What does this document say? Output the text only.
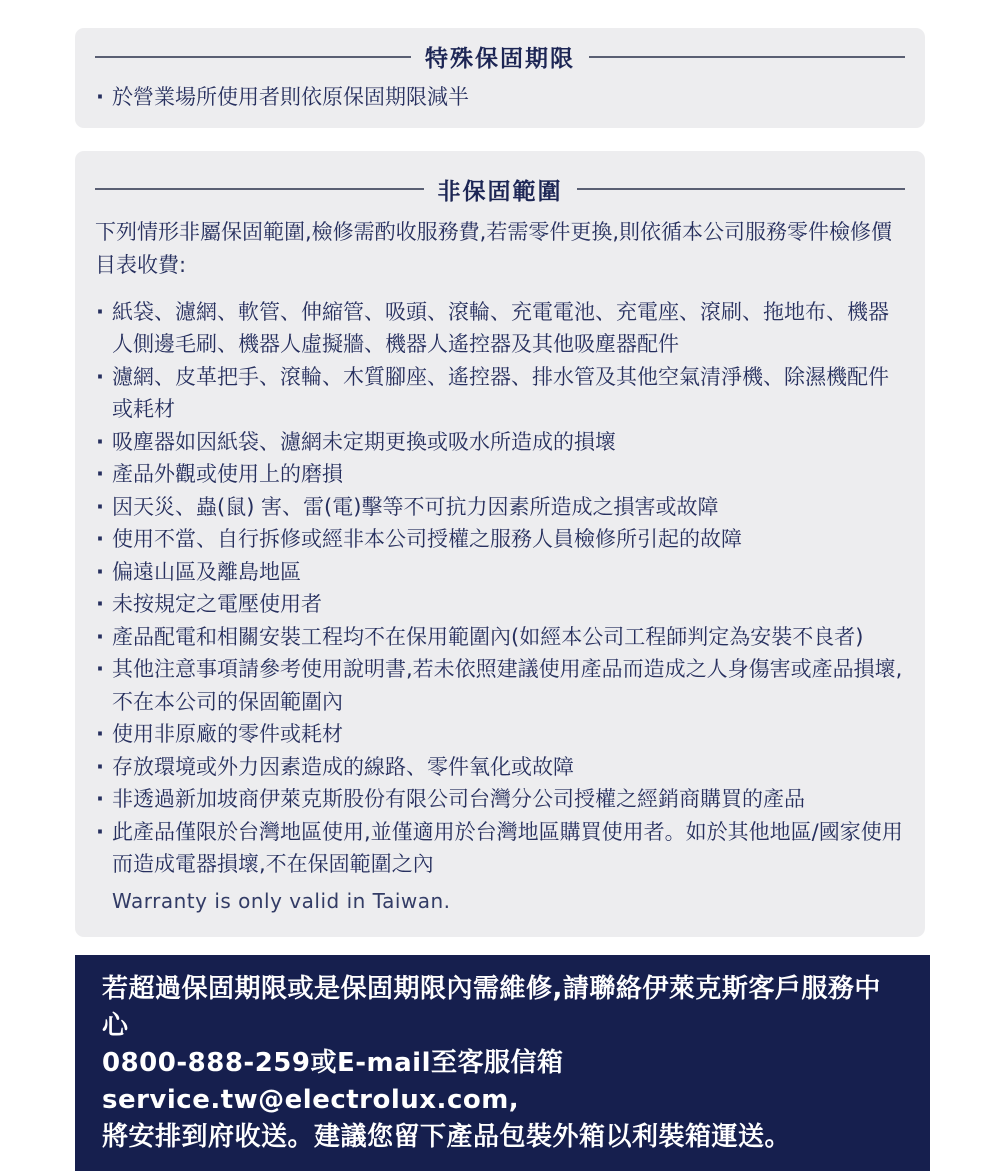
特殊保固期限
· 於營業場所使用者則依原保固期限減半
非保固範圍

下列情形非屬保固範圍,檢修需酌收服務費,若需零件更換,則依循本公司服務零件檢修價目表收費:

· 紙袋、濾網、軟管、伸縮管、吸頭、滾輪、充電電池、充電座、滾刷、拖地布、機器人側邊毛刷、機器人虛擬牆、機器人遙控器及其他吸塵器配件
· 濾網、皮革把手、滾輪、木質腳座、遙控器、排水管及其他空氣清淨機、除濕機配件或耗材
· 吸塵器如因紙袋、濾網未定期更換或吸水所造成的損壞
· 產品外觀或使用上的磨損
· 因天災、蟲(鼠) 害、雷(電)擊等不可抗力因素所造成之損害或故障
· 使用不當、自行拆修或經非本公司授權之服務人員檢修所引起的故障
· 偏遠山區及離島地區
· 未按規定之電壓使用者
· 產品配電和相關安裝工程均不在保用範圍內(如經本公司工程師判定為安裝不良者)
· 其他注意事項請參考使用說明書,若未依照建議使用產品而造成之人身傷害或產品損壞,不在本公司的保固範圍內
· 使用非原廠的零件或耗材
· 存放環境或外力因素造成的線路、零件氧化或故障
· 非透過新加坡商伊萊克斯股份有限公司台灣分公司授權之經銷商購買的產品
· 此產品僅限於台灣地區使用,並僅適用於台灣地區購買使用者。如於其他地區/國家使用而造成電器損壞,不在保固範圍之內

Warranty is only valid in Taiwan.

若超過保固期限或是保固期限內需維修,請聯絡伊萊克斯客戶服務中心
0800-888-259或E-mail至客服信箱service.tw@electrolux.com,
將安排到府收送。建議您留下產品包裝外箱以利裝箱運送。
